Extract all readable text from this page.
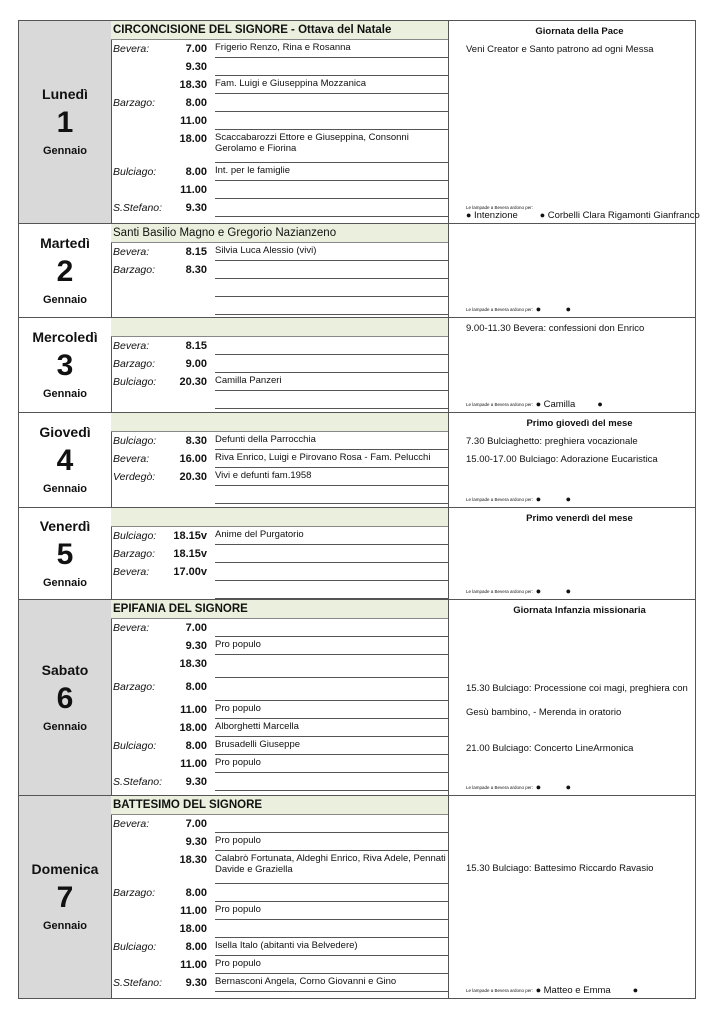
Lunedì
1
Gennaio
CIRCONCISIONE DEL SIGNORE - Ottava del Natale
Bevera:	7.00 Frigerio Renzo, Rina e Rosanna
9.30
18.30 Fam. Luigi e Giuseppina Mozzanica
Barzago:	8.00
11.00
18.00 Scaccabarozzi Ettore e Giuseppina, Consonni Gerolamo e Fiorina
Bulciago:	8.00 Int. per le famiglie
11.00
S.Stefano:	9.30
Giornata della Pace
Veni Creator e Santo patrono ad ogni Messa
Le lampade a Bevera ardono per:
● Intenzione ● Corbelli Clara Rigamonti Gianfranco
Martedì
2
Gennaio
Santi Basilio Magno e Gregorio Nazianzeno
Bevera:	8.15 Silvia Luca Alessio (vivi)
Barzago:	8.30
Le lampade a Bevera ardono per: ● ●
Mercoledì
3
Gennaio
Bevera:	8.15
Barzago:	9.00
Bulciago:	20.30 Camilla Panzeri
9.00-11.30 Bevera: confessioni don Enrico
Le lampade a Bevera ardono per: ● Camilla ●
Giovedì
4
Gennaio
Bulciago:	8.30 Defunti della Parrocchia
Bevera:	16.00 Riva Enrico, Luigi e Pirovano Rosa - Fam. Pelucchi
Verdegò:	20.30 Vivi e defunti fam.1958
Primo giovedì del mese
7.30 Bulciaghetto: preghiera vocazionale
15.00-17.00 Bulciago: Adorazione Eucaristica
Le lampade a Bevera ardono per: ● ●
Venerdì
5
Gennaio
Bulciago:	18.15v Anime del Purgatorio
Barzago:	18.15v
Bevera:	17.00v
Primo venerdì del mese
Le lampade a Bevera ardono per: ● ●
Sabato
6
Gennaio
EPIFANIA DEL SIGNORE
Bevera:	7.00
9.30 Pro populo
18.30
Barzago:	8.00
11.00 Pro populo
18.00 Alborghetti Marcella
Bulciago:	8.00 Brusadelli Giuseppe
11.00 Pro populo
S.Stefano:	9.30
Giornata Infanzia missionaria
15.30 Bulciago: Processione coi magi, preghiera con
Gesù bambino, - Merenda in oratorio
21.00 Bulciago: Concerto LineArmonica
Le lampade a Bevera ardono per: ● ●
Domenica
7
Gennaio
BATTESIMO DEL SIGNORE
Bevera:	7.00
9.30 Pro populo
18.30 Calabrò Fortunata, Aldeghi Enrico, Riva Adele, Pennati Davide e Graziella
Barzago:	8.00
11.00 Pro populo
18.00
Bulciago:	8.00 Isella Italo (abitanti via Belvedere)
11.00 Pro populo
S.Stefano:	9.30 Bernasconi Angela, Corno Giovanni e Gino
15.30 Bulciago: Battesimo Riccardo Ravasio
Le lampade a Bevera ardono per: ● Matteo e Emma ●
